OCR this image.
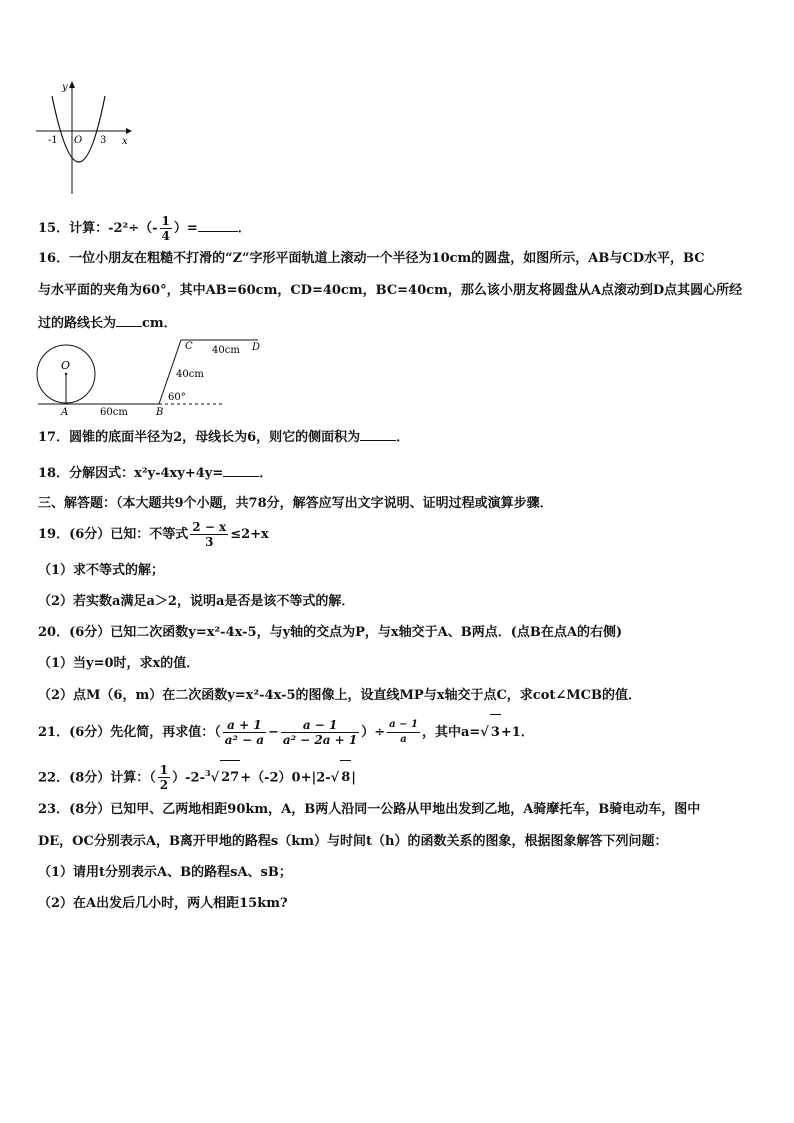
y
x
O
-1	3
15．计算：$-2^2\div(- \frac{1}{4}$ ）=	．
16．一位小朋友在粗糙不打滑的“Z”字形平面轨道上滚动一个半径为10cm的圆盘，如图所示，AB与CD水平，BC
与水平面的夹角为60°，其中AB=60cm，CD=40cm，BC=40cm，那么该小朋友将圆盘从A点滚动到D点其圆心所经
过的路线长为 cm．
O
A	B
C	D
60cm
40cm
40cm
60°
17．圆锥的底面半径为2，母线长为6，则它的侧面积为	．
18．分解因式：x²y-4xy+4y=	．
三、解答题：（本大题共9个小题，共78分，解答应写出文字说明、证明过程或演算步骤．
19．(6分）已知：不等式 $\frac{2 - x}{3} \le 2+x$
（1）求不等式的解；
（2）若实数a满足a＞2，说明a是否是该不等式的解．
20．(6分）已知二次函数y=x²-4x-5，与y轴的交点为P，与x轴交于A、B两点．(点B在点A的右侧)
（1）当y=0时，求x的值．
（2）点M（6，m）在二次函数y=x²-4x-5的图像上，设直线MP与x轴交于点C，求cot∠MCB的值．
21．(6分）先化简，再求值：（ $\frac{a + 1}{\text{a² − a}} - \frac{a - 1}{\text{a² − 2a + 1}}$ ）÷ $\frac{a - 1}{a}$ ，其中a=√ 3+1．
22．(8分）计算：（ $\frac{1}{2} )-2-^3√$ 27+（-2）0+|2-√ 8|
23．(8分）已知甲、乙两地相距90km，A，B两人沿同一公路从甲地出发到乙地，A骑摩托车，B骑电动车，图中
DE，OC分别表示A，B离开甲地的路程s（km）与时间t（h）的函数关系的图象，根据图象解答下列问题：
（1）请用t分别表示A、B的路程sA、sB；
（2）在A出发后几小时，两人相距15km?
